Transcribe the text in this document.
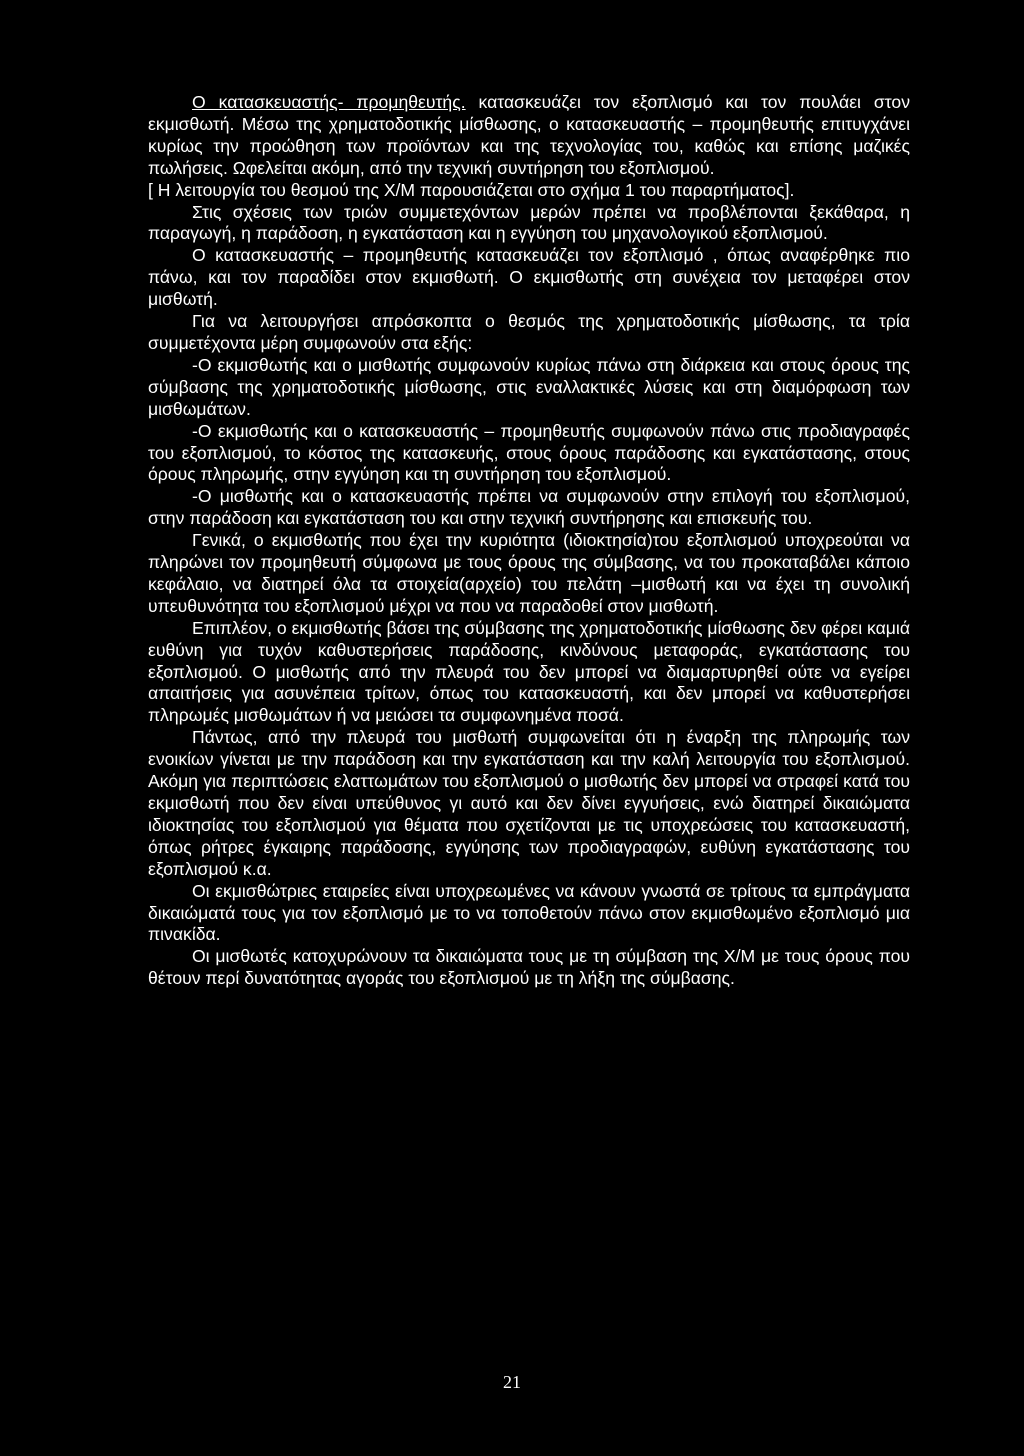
Ο κατασκευαστής- προμηθευτής. κατασκευάζει τον εξοπλισμό και τον πουλάει στον εκμισθωτή. Μέσω της χρηματοδοτικής μίσθωσης, ο κατασκευαστής – προμηθευτής επιτυγχάνει κυρίως την προώθηση των προϊόντων και της τεχνολογίας του, καθώς και επίσης μαζικές πωλήσεις. Ωφελείται ακόμη, από την τεχνική συντήρηση του εξοπλισμού.

[ Η λειτουργία του θεσμού της Χ/Μ παρουσιάζεται στο σχήμα 1 του παραρτήματος].

Στις σχέσεις των τριών συμμετεχόντων μερών πρέπει να προβλέπονται ξεκάθαρα, η παραγωγή, η παράδοση, η εγκατάσταση και η εγγύηση του μηχανολογικού εξοπλισμού.

Ο κατασκευαστής – προμηθευτής κατασκευάζει τον εξοπλισμό , όπως αναφέρθηκε πιο πάνω, και τον παραδίδει στον εκμισθωτή. Ο εκμισθωτής στη συνέχεια τον μεταφέρει στον μισθωτή.

Για να λειτουργήσει απρόσκοπτα ο θεσμός της χρηματοδοτικής μίσθωσης, τα τρία συμμετέχοντα μέρη συμφωνούν στα εξής:

-Ο εκμισθωτής και ο μισθωτής συμφωνούν κυρίως πάνω στη διάρκεια και στους όρους της σύμβασης της χρηματοδοτικής μίσθωσης, στις εναλλακτικές λύσεις και στη διαμόρφωση των μισθωμάτων.

-Ο εκμισθωτής και ο κατασκευαστής – προμηθευτής συμφωνούν πάνω στις προδιαγραφές του εξοπλισμού, το κόστος της κατασκευής, στους όρους παράδοσης και εγκατάστασης, στους όρους πληρωμής, στην εγγύηση και τη συντήρηση του εξοπλισμού.

-Ο μισθωτής και ο κατασκευαστής πρέπει να συμφωνούν στην επιλογή του εξοπλισμού, στην παράδοση και εγκατάσταση του και στην τεχνική συντήρησης και επισκευής του.

Γενικά, ο εκμισθωτής που έχει την κυριότητα (ιδιοκτησία)του εξοπλισμού υποχρεούται να πληρώνει τον προμηθευτή σύμφωνα με τους όρους της σύμβασης, να του προκαταβάλει κάποιο κεφάλαιο, να διατηρεί όλα τα στοιχεία(αρχείο) του πελάτη –μισθωτή και να έχει τη συνολική υπευθυνότητα του εξοπλισμού μέχρι να που να παραδοθεί στον μισθωτή.

Επιπλέον, ο εκμισθωτής βάσει της σύμβασης της χρηματοδοτικής μίσθωσης δεν φέρει καμιά ευθύνη για τυχόν καθυστερήσεις παράδοσης, κινδύνους μεταφοράς, εγκατάστασης του εξοπλισμού. Ο μισθωτής από την πλευρά του δεν μπορεί να διαμαρτυρηθεί ούτε να εγείρει απαιτήσεις για ασυνέπεια τρίτων, όπως του κατασκευαστή, και δεν μπορεί να καθυστερήσει πληρωμές μισθωμάτων ή να μειώσει τα συμφωνημένα ποσά.

Πάντως, από την πλευρά του μισθωτή συμφωνείται ότι η έναρξη της πληρωμής των ενοικίων γίνεται με την παράδοση και την εγκατάσταση και την καλή λειτουργία του εξοπλισμού. Ακόμη για περιπτώσεις ελαττωμάτων του εξοπλισμού ο μισθωτής δεν μπορεί να στραφεί κατά του εκμισθωτή που δεν είναι υπεύθυνος γι αυτό και δεν δίνει εγγυήσεις, ενώ διατηρεί δικαιώματα ιδιοκτησίας του εξοπλισμού για θέματα που σχετίζονται με τις υποχρεώσεις του κατασκευαστή, όπως ρήτρες έγκαιρης παράδοσης, εγγύησης των προδιαγραφών, ευθύνη εγκατάστασης του εξοπλισμού κ.α.

Οι εκμισθώτριες εταιρείες είναι υποχρεωμένες να κάνουν γνωστά σε τρίτους τα εμπράγματα δικαιώματά τους για τον εξοπλισμό με το να τοποθετούν πάνω στον εκμισθωμένο εξοπλισμό μια πινακίδα.

Οι μισθωτές κατοχυρώνουν τα δικαιώματα τους με τη σύμβαση της Χ/Μ με τους όρους που θέτουν περί δυνατότητας αγοράς του εξοπλισμού με τη λήξη της σύμβασης.

21
